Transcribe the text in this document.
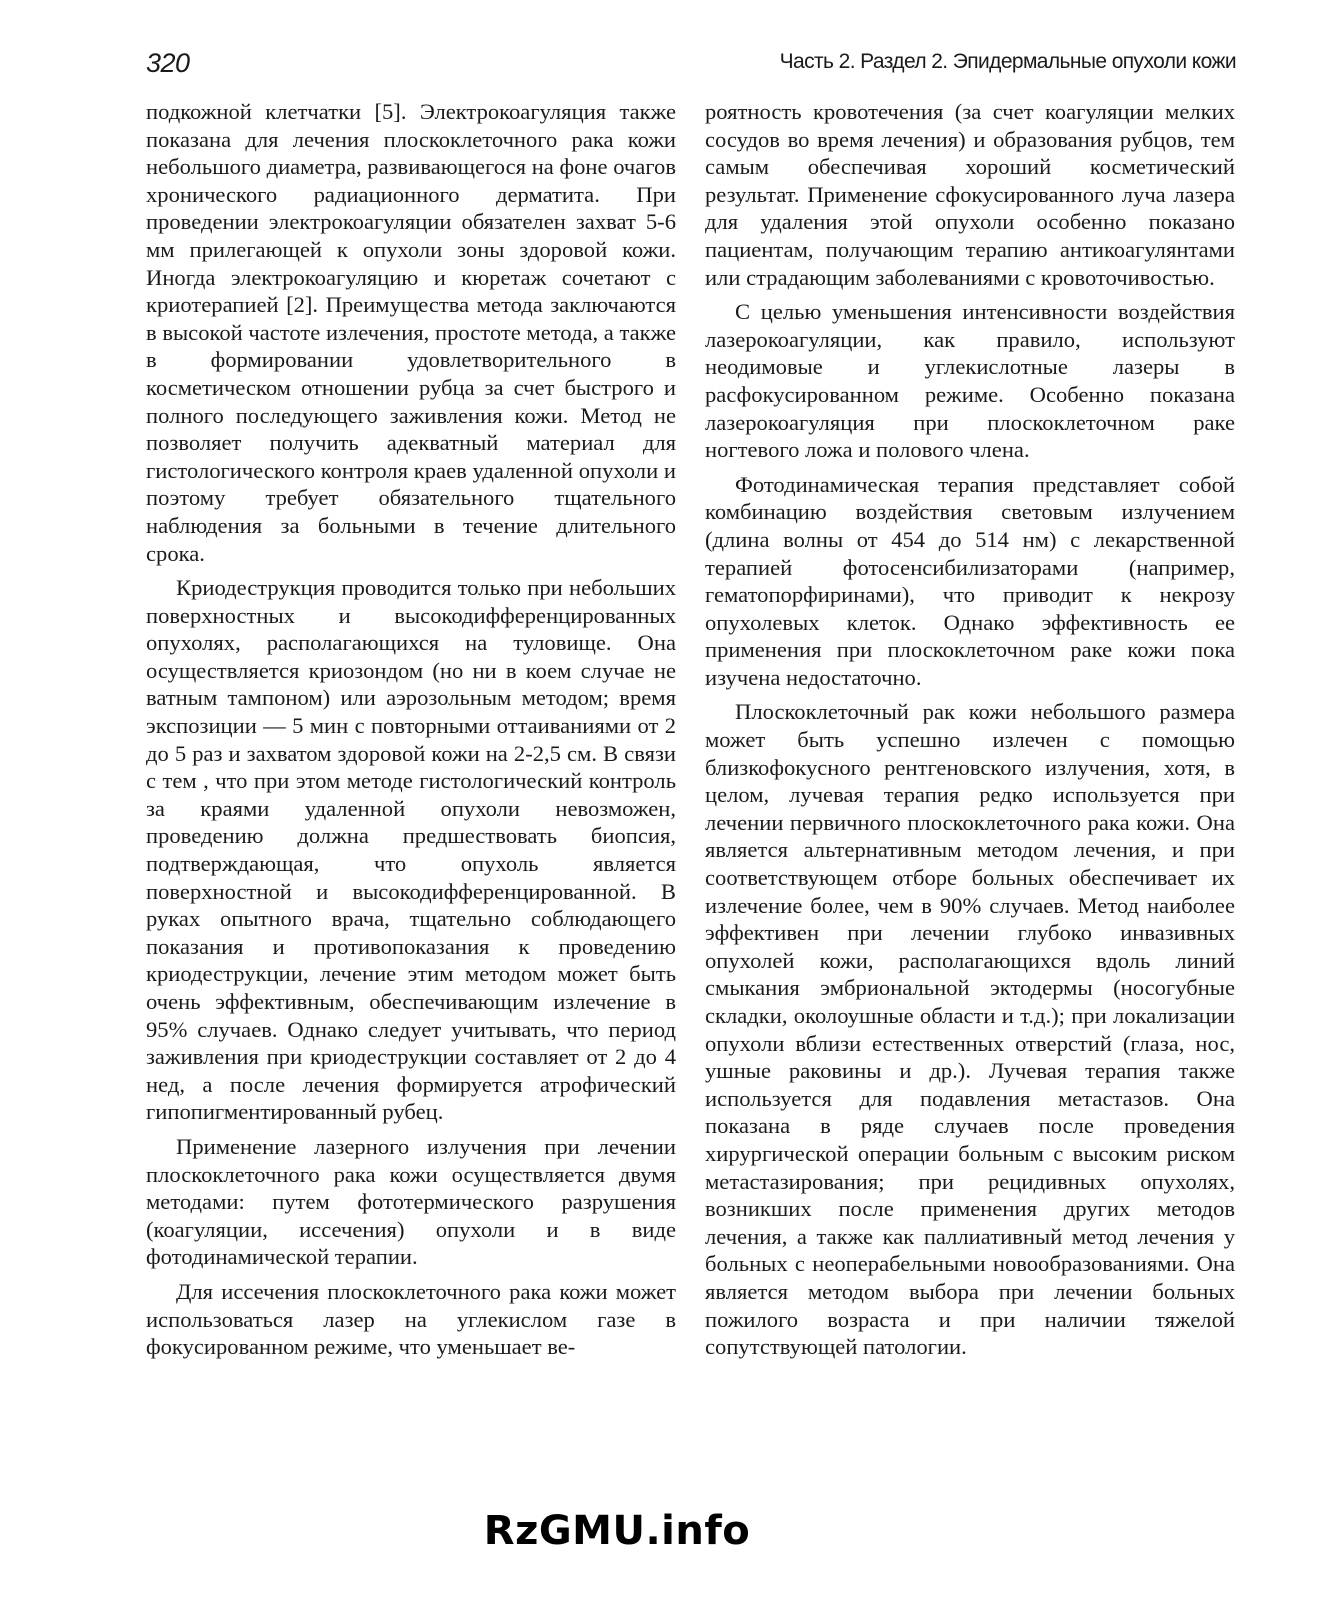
320	Часть 2. Раздел 2. Эпидермальные опухоли кожи

подкожной клетчатки [5]. Электрокоагуляция также показана для лечения плоскоклеточного рака кожи небольшого диаметра, развивающегося на фоне очагов хронического радиационного дерматита. При проведении электрокоагуляции обязателен захват 5-6 мм прилегающей к опухоли зоны здоровой кожи. Иногда электрокоагуляцию и кюретаж сочетают с криотерапией [2]. Преимущества метода заключаются в высокой частоте излечения, простоте метода, а также в формировании удовлетворительного в косметическом отношении рубца за счет быстрого и полного последующего заживления кожи. Метод не позволяет получить адекватный материал для гистологического контроля краев удаленной опухоли и поэтому требует обязательного тщательного наблюдения за больными в течение длительного срока.

Криодеструкция проводится только при небольших поверхностных и высокодифференцированных опухолях, располагающихся на туловище. Она осуществляется криозондом (но ни в коем случае не ватным тампоном) или аэрозольным методом; время экспозиции — 5 мин с повторными оттаиваниями от 2 до 5 раз и захватом здоровой кожи на 2-2,5 см. В связи с тем , что при этом методе гистологический контроль за краями удаленной опухоли невозможен, проведению должна предшествовать биопсия, подтверждающая, что опухоль является поверхностной и высокодифференцированной. В руках опытного врача, тщательно соблюдающего показания и противопоказания к проведению криодеструкции, лечение этим методом может быть очень эффективным, обеспечивающим излечение в 95% случаев. Однако следует учитывать, что период заживления при криодеструкции составляет от 2 до 4 нед, а после лечения формируется атрофический гипопигментированный рубец.

Применение лазерного излучения при лечении плоскоклеточного рака кожи осуществляется двумя методами: путем фототермического разрушения (коагуляции, иссечения) опухоли и в виде фотодинамической терапии.

Для иссечения плоскоклеточного рака кожи может использоваться лазер на углекислом газе в фокусированном режиме, что уменьшает ве-

роятность кровотечения (за счет коагуляции мелких сосудов во время лечения) и образования рубцов, тем самым обеспечивая хороший косметический результат. Применение сфокусированного луча лазера для удаления этой опухоли особенно показано пациентам, получающим терапию антикоагулянтами или страдающим заболеваниями с кровоточивостью.

С целью уменьшения интенсивности воздействия лазерокоагуляции, как правило, используют неодимовые и углекислотные лазеры в расфокусированном режиме. Особенно показана лазерокоагуляция при плоскоклеточном раке ногтевого ложа и полового члена.

Фотодинамическая терапия представляет собой комбинацию воздействия световым излучением (длина волны от 454 до 514 нм) с лекарственной терапией фотосенсибилизаторами (например, гематопорфиринами), что приводит к некрозу опухолевых клеток. Однако эффективность ее применения при плоскоклеточном раке кожи пока изучена недостаточно.

Плоскоклеточный рак кожи небольшого размера может быть успешно излечен с помощью близкофокусного рентгеновского излучения, хотя, в целом, лучевая терапия редко используется при лечении первичного плоскоклеточного рака кожи. Она является альтернативным методом лечения, и при соответствующем отборе больных обеспечивает их излечение более, чем в 90% случаев. Метод наиболее эффективен при лечении глубоко инвазивных опухолей кожи, располагающихся вдоль линий смыкания эмбриональной эктодермы (носогубные складки, околоушные области и т.д.); при локализации опухоли вблизи естественных отверстий (глаза, нос, ушные раковины и др.). Лучевая терапия также используется для подавления метастазов. Она показана в ряде случаев после проведения хирургической операции больным с высоким риском метастазирования; при рецидивных опухолях, возникших после применения других методов лечения, а также как паллиативный метод лечения у больных с неоперабельными новообразованиями. Она является методом выбора при лечении больных пожилого возраста и при наличии тяжелой сопутствующей патологии.

RzGMU.info
